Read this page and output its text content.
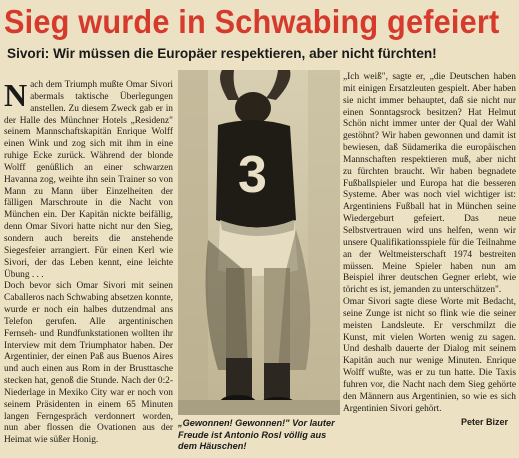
Sieg wurde in Schwabing gefeiert
Sivori: Wir müssen die Europäer respektieren, aber nicht fürchten!

Nach dem Triumph mußte Omar Sivori abermals taktische Überlegungen anstellen. Zu diesem Zweck gab er in der Halle des Münchner Hotels „Residenz" seinem Mannschaftskapitän Enrique Wolff einen Wink und zog sich mit ihm in eine ruhige Ecke zurück. Während der blonde Wolff genüßlich an einer schwarzen Havanna zog, weihte ihn sein Trainer so von Mann zu Mann über Einzelheiten der fälligen Marschroute in die Nacht von München ein. Der Kapitän nickte beifällig, denn Omar Sivori hatte nicht nur den Sieg, sondern auch bereits die anstehende Siegesfeier arrangiert. Für einen Kerl wie Sivori, der das Leben kennt, eine leichte Übung . . .

Doch bevor sich Omar Sivori mit seinen Caballeros nach Schwabing absetzen konnte, wurde er noch ein halbes dutzendmal ans Telefon gerufen. Alle argentinischen Fernseh- und Rundfunkstationen wollten ihr Interview mit dem Triumphator haben. Der Argentinier, der einen Paß aus Buenos Aires und auch einen aus Rom in der Brusttasche stecken hat, genoß die Stunde. Nach der 0:2-Niederlage in Mexiko City war er noch von seinem Präsidenten in einem 65 Minuten langen Ferngespräch verdonnert worden, nun aber flossen die Ovationen aus der Heimat wie süßer Honig.

3
„Gewonnen! Gewonnen!" Vor lauter Freude ist Antonio Rosl völlig aus dem Häuschen!

„Ich weiß", sagte er, „die Deutschen haben mit einigen Ersatzleuten gespielt. Aber haben sie nicht immer behauptet, daß sie nicht nur einen Sonntagsrock besitzen? Hat Helmut Schön nicht immer unter der Qual der Wahl gestöhnt? Wir haben gewonnen und damit ist bewiesen, daß Südamerika die europäischen Mannschaften respektieren muß, aber nicht zu fürchten braucht. Wir haben begnadete Fußballspieler und Europa hat die besseren Systeme. Aber was noch viel wichtiger ist: Argentiniens Fußball hat in München seine Wiedergeburt gefeiert. Das neue Selbstvertrauen wird uns helfen, wenn wir unsere Qualifikationsspiele für die Teilnahme an der Weltmeisterschaft 1974 bestreiten müssen. Meine Spieler haben nun am Beispiel ihrer deutschen Gegner erlebt, wie töricht es ist, jemanden zu unterschätzen".

Omar Sivori sagte diese Worte mit Bedacht, seine Zunge ist nicht so flink wie die seiner meisten Landsleute. Er verschmilzt die Kunst, mit vielen Worten wenig zu sagen. Und deshalb dauerte der Dialog mit seinem Kapitän auch nur wenige Minuten. Enrique Wolff wußte, was er zu tun hatte. Die Taxis fuhren vor, die Nacht nach dem Sieg gehörte den Männern aus Argentinien, so wie es sich Argentinien Sivori gehört.

Peter Bizer
